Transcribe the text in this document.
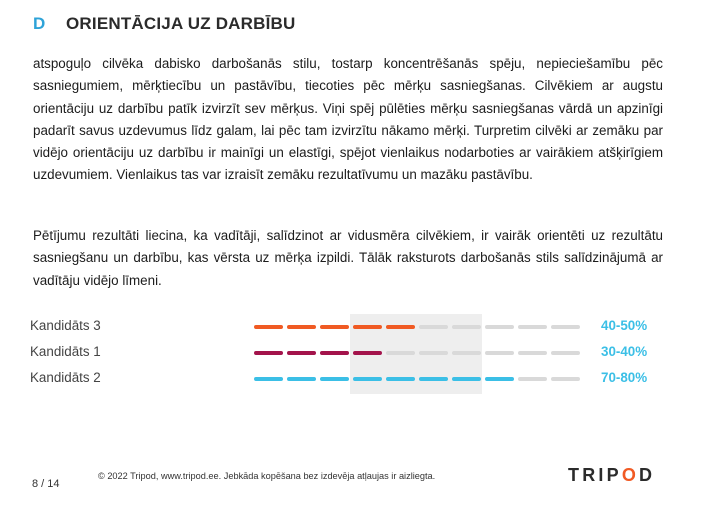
D	ORIENTĀCIJA UZ DARBĪBU

atspoguļo cilvēka dabisko darbošanās stilu, tostarp koncentrēšanās spēju, nepieciešamību pēc sasniegumiem, mērķtiecību un pastāvību, tiecoties pēc mērķu sasniegšanas. Cilvēkiem ar augstu orientāciju uz darbību patīk izvirzīt sev mērķus. Viņi spēj pūlēties mērķu sasniegšanas vārdā un apzinīgi padarīt savus uzdevumus līdz galam, lai pēc tam izvirzītu nākamo mērķi. Turpretim cilvēki ar zemāku par vidējo orientāciju uz darbību ir mainīgi un elastīgi, spējot vienlaikus nodarboties ar vairākiem atšķirīgiem uzdevumiem. Vienlaikus tas var izraisīt zemāku rezultatīvumu un mazāku pastāvību.

Pētījumu rezultāti liecina, ka vadītāji, salīdzinot ar vidusmēra cilvēkiem, ir vairāk orientēti uz rezultātu sasniegšanu un darbību, kas vērsta uz mērķa izpildi. Tālāk raksturots darbošanās stils salīdzinājumā ar vadītāju vidējo līmeni.

Kandidāts 3	40-50%
Kandidāts 1	30-40%
Kandidāts 2	70-80%
8 / 14
© 2022 Tripod, www.tripod.ee. Jebkāda kopēšana bez izdevēja atļaujas ir aizliegta.	TRIPOD
